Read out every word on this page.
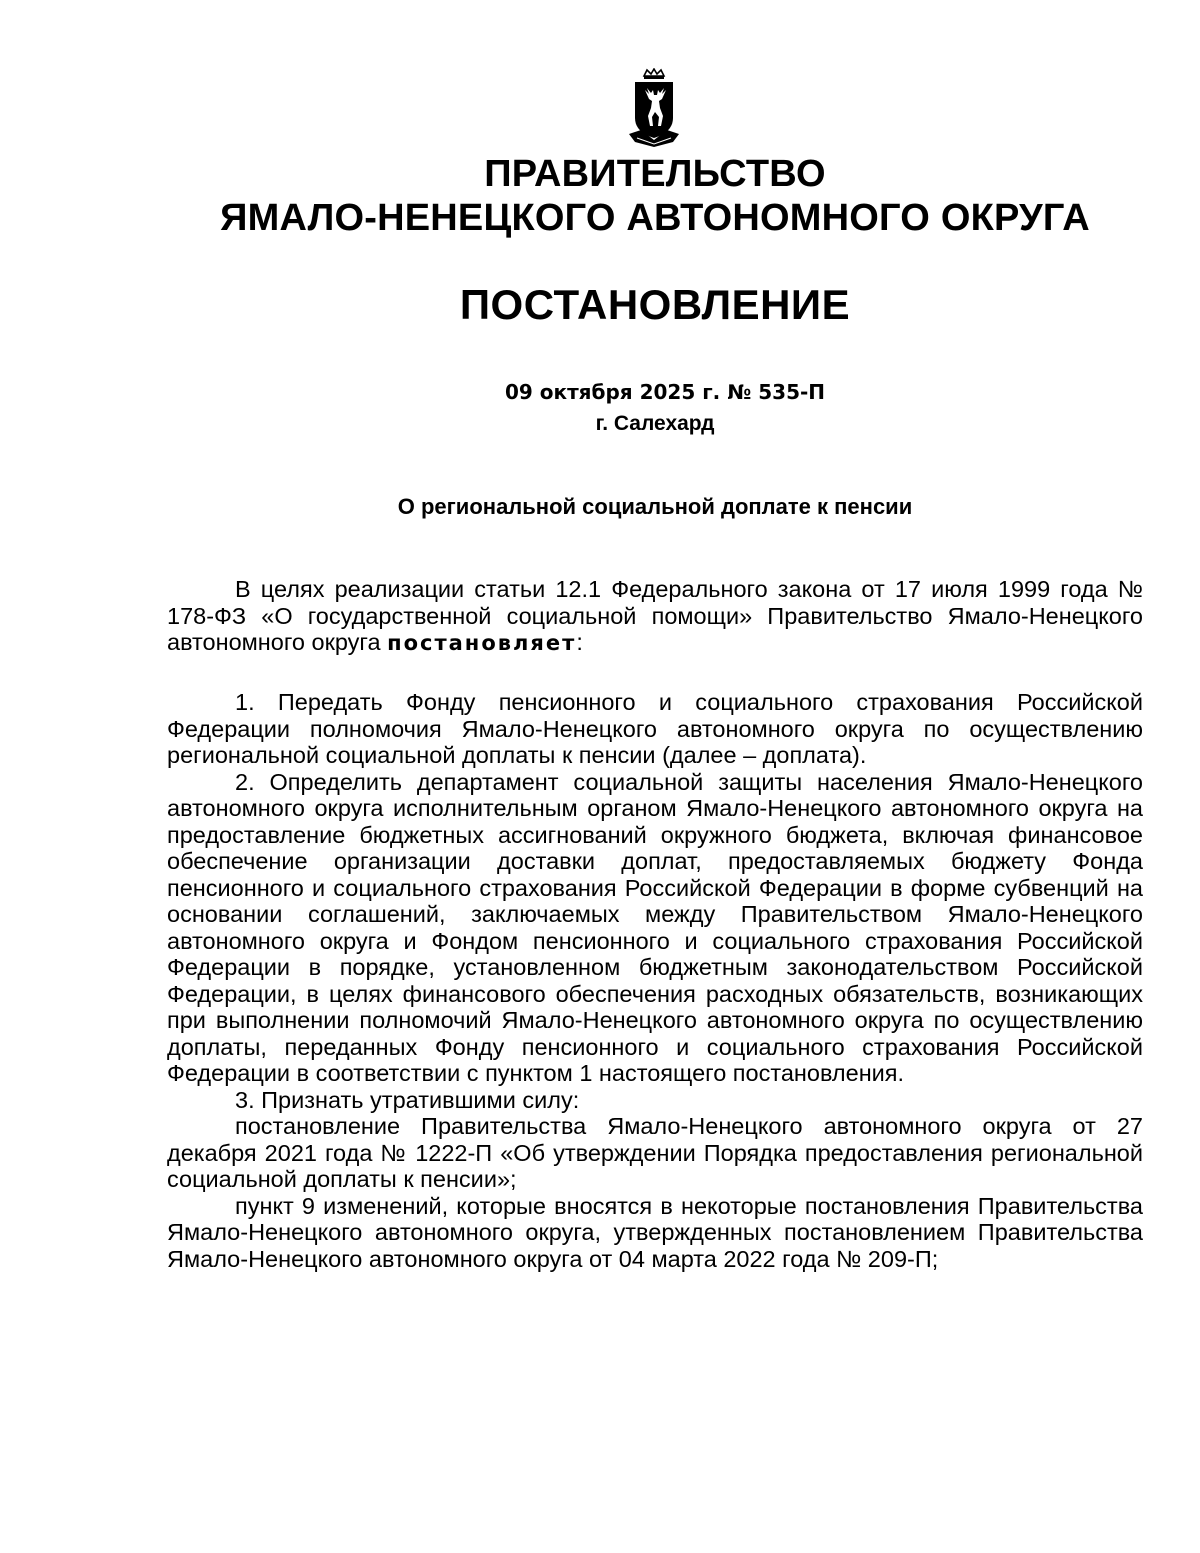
ПРАВИТЕЛЬСТВО
ЯМАЛО-НЕНЕЦКОГО АВТОНОМНОГО ОКРУГА
ПОСТАНОВЛЕНИЕ
09 октября 2025 г. № 535-П
г. Салехард
О региональной социальной доплате к пенсии

В целях реализации статьи 12.1 Федерального закона от 17 июля 1999 года № 178-ФЗ «О государственной социальной помощи» Правительство Ямало-Ненецкого автономного округа постановляет:

1. Передать Фонду пенсионного и социального страхования Российской Федерации полномочия Ямало-Ненецкого автономного округа по осуществлению региональной социальной доплаты к пенсии (далее – доплата).

2. Определить департамент социальной защиты населения Ямало-Ненецкого автономного округа исполнительным органом Ямало-Ненецкого автономного округа на предоставление бюджетных ассигнований окружного бюджета, включая финансовое обеспечение организации доставки доплат, предоставляемых бюджету Фонда пенсионного и социального страхования Российской Федерации в форме субвенций на основании соглашений, заключаемых между Правительством Ямало-Ненецкого автономного округа и Фондом пенсионного и социального страхования Российской Федерации в порядке, установленном бюджетным законодательством Российской Федерации, в целях финансового обеспечения расходных обязательств, возникающих при выполнении полномочий Ямало-Ненецкого автономного округа по осуществлению доплаты, переданных Фонду пенсионного и социального страхования Российской Федерации в соответствии с пунктом 1 настоящего постановления.

3. Признать утратившими силу:

постановление Правительства Ямало-Ненецкого автономного округа от 27 декабря 2021 года № 1222-П «Об утверждении Порядка предоставления региональной социальной доплаты к пенсии»;

пункт 9 изменений, которые вносятся в некоторые постановления Правительства Ямало-Ненецкого автономного округа, утвержденных постановлением Правительства Ямало-Ненецкого автономного округа от 04 марта 2022 года № 209-П;
